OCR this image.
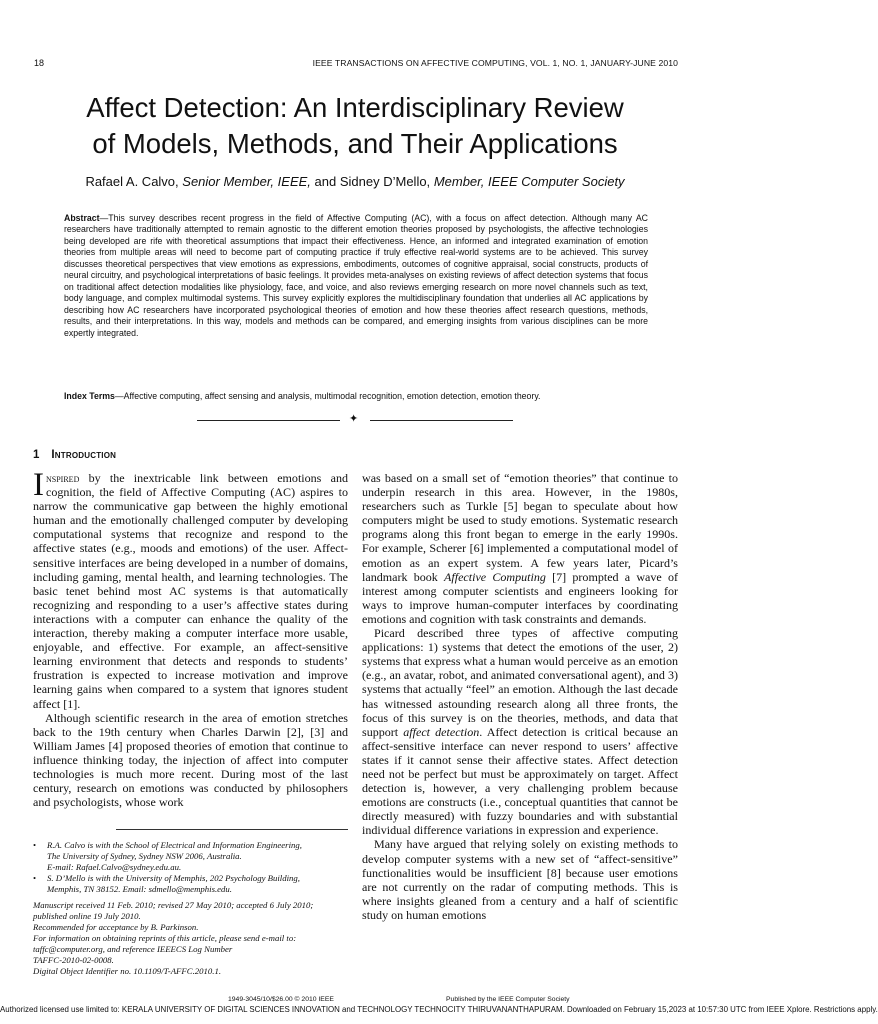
18	IEEE TRANSACTIONS ON AFFECTIVE COMPUTING, VOL. 1, NO. 1, JANUARY-JUNE 2010
Affect Detection: An Interdisciplinary Review
of Models, Methods, and Their Applications
Rafael A. Calvo, Senior Member, IEEE, and Sidney D’Mello, Member, IEEE Computer Society
Abstract—This survey describes recent progress in the field of Affective Computing (AC), with a focus on affect detection. Although many AC researchers have traditionally attempted to remain agnostic to the different emotion theories proposed by psychologists, the affective technologies being developed are rife with theoretical assumptions that impact their effectiveness. Hence, an informed and integrated examination of emotion theories from multiple areas will need to become part of computing practice if truly effective real-world systems are to be achieved. This survey discusses theoretical perspectives that view emotions as expressions, embodiments, outcomes of cognitive appraisal, social constructs, products of neural circuitry, and psychological interpretations of basic feelings. It provides meta-analyses on existing reviews of affect detection systems that focus on traditional affect detection modalities like physiology, face, and voice, and also reviews emerging research on more novel channels such as text, body language, and complex multimodal systems. This survey explicitly explores the multidisciplinary foundation that underlies all AC applications by describing how AC researchers have incorporated psychological theories of emotion and how these theories affect research questions, methods, results, and their interpretations. In this way, models and methods can be compared, and emerging insights from various disciplines can be more expertly integrated.
Index Terms—Affective computing, affect sensing and analysis, multimodal recognition, emotion detection, emotion theory.
✦
1 Introduction

Inspired by the inextricable link between emotions and cognition, the field of Affective Computing (AC) aspires to narrow the communicative gap between the highly emotional human and the emotionally challenged computer by developing computational systems that recognize and respond to the affective states (e.g., moods and emotions) of the user. Affect-sensitive interfaces are being developed in a number of domains, including gaming, mental health, and learning technologies. The basic tenet behind most AC systems is that automatically recognizing and responding to a user’s affective states during interactions with a computer can enhance the quality of the interaction, thereby making a computer interface more usable, enjoyable, and effective. For example, an affect-sensitive learning environment that detects and responds to students’ frustration is expected to increase motivation and improve learning gains when compared to a system that ignores student affect [1].

Although scientific research in the area of emotion stretches back to the 19th century when Charles Darwin [2], [3] and William James [4] proposed theories of emotion that continue to influence thinking today, the injection of affect into computer technologies is much more recent. During most of the last century, research on emotions was conducted by philosophers and psychologists, whose work

• R.A. Calvo is with the School of Electrical and Information Engineering,
The University of Sydney, Sydney NSW 2006, Australia.
E-mail: Rafael.Calvo@sydney.edu.au.
• S. D’Mello is with the University of Memphis, 202 Psychology Building,
Memphis, TN 38152. Email: sdmello@memphis.edu.
Manuscript received 11 Feb. 2010; revised 27 May 2010; accepted 6 July 2010;
published online 19 July 2010.
Recommended for acceptance by B. Parkinson.
For information on obtaining reprints of this article, please send e-mail to:
taffc@computer.org, and reference IEEECS Log Number
TAFFC-2010-02-0008.
Digital Object Identifier no. 10.1109/T-AFFC.2010.1.

was based on a small set of “emotion theories” that continue to underpin research in this area. However, in the 1980s, researchers such as Turkle [5] began to speculate about how computers might be used to study emotions. Systematic research programs along this front began to emerge in the early 1990s. For example, Scherer [6] implemented a computational model of emotion as an expert system. A few years later, Picard’s landmark book Affective Computing [7] prompted a wave of interest among computer scientists and engineers looking for ways to improve human-computer interfaces by coordinating emotions and cognition with task constraints and demands.

Picard described three types of affective computing applications: 1) systems that detect the emotions of the user, 2) systems that express what a human would perceive as an emotion (e.g., an avatar, robot, and animated conversational agent), and 3) systems that actually “feel” an emotion. Although the last decade has witnessed astounding research along all three fronts, the focus of this survey is on the theories, methods, and data that support affect detection. Affect detection is critical because an affect-sensitive interface can never respond to users’ affective states if it cannot sense their affective states. Affect detection need not be perfect but must be approximately on target. Affect detection is, however, a very challenging problem because emotions are constructs (i.e., conceptual quantities that cannot be directly measured) with fuzzy boundaries and with substantial individual difference variations in expression and experience.

Many have argued that relying solely on existing methods to develop computer systems with a new set of “affect-sensitive” functionalities would be insufficient [8] because user emotions are not currently on the radar of computing methods. This is where insights gleaned from a century and a half of scientific study on human emotions

1949-3045/10/$26.00 © 2010 IEEE	Published by the IEEE Computer Society
Authorized licensed use limited to: KERALA UNIVERSITY OF DIGITAL SCIENCES INNOVATION and TECHNOLOGY TECHNOCITY THIRUVANANTHAPURAM. Downloaded on February 15,2023 at 10:57:30 UTC from IEEE Xplore. Restrictions apply.
